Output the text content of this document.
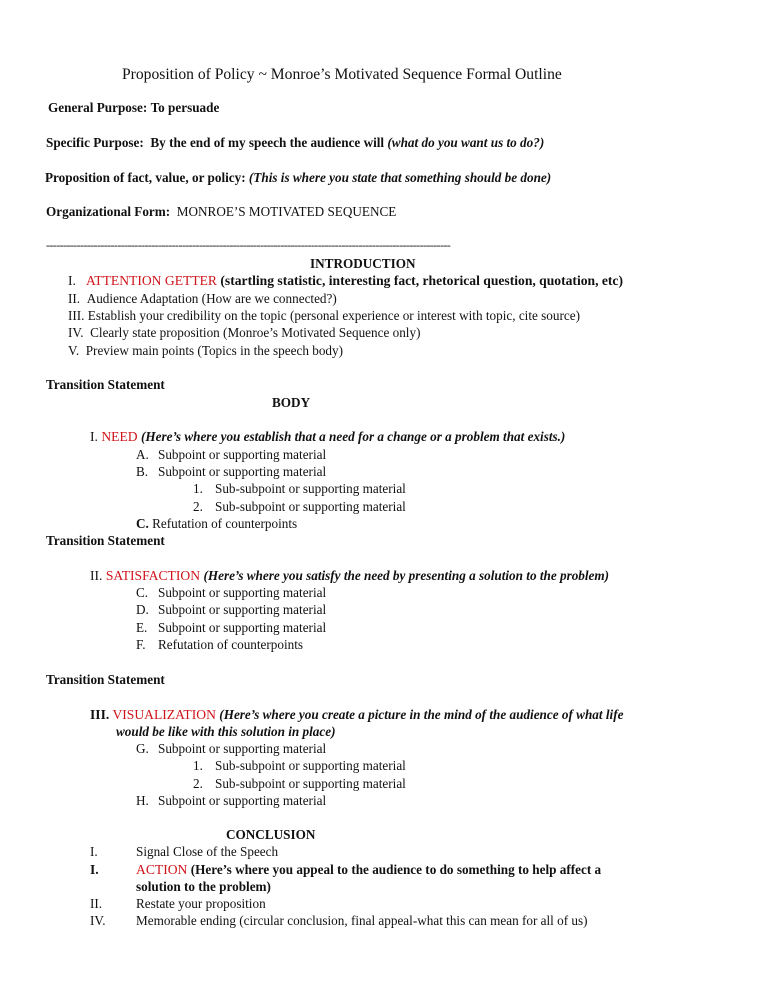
Proposition of Policy ~ Monroe’s Motivated Sequence Formal Outline
General Purpose: To persuade
Specific Purpose: By the end of my speech the audience will (what do you want us to do?)
Proposition of fact, value, or policy: (This is where you state that something should be done)
Organizational Form: MONROE’S MOTIVATED SEQUENCE
-----------------------------------------------------------------------------------------------------------------------
INTRODUCTION
I. ATTENTION GETTER (startling statistic, interesting fact, rhetorical question, quotation, etc)
II. Audience Adaptation (How are we connected?)
III. Establish your credibility on the topic (personal experience or interest with topic, cite source)
IV. Clearly state proposition (Monroe’s Motivated Sequence only)
V. Preview main points (Topics in the speech body)
Transition Statement
BODY
I. NEED (Here’s where you establish that a need for a change or a problem that exists.)
A. Subpoint or supporting material
B. Subpoint or supporting material
1. Sub-subpoint or supporting material
2. Sub-subpoint or supporting material
C. Refutation of counterpoints
Transition Statement
II. SATISFACTION (Here’s where you satisfy the need by presenting a solution to the problem)
C. Subpoint or supporting material
D. Subpoint or supporting material
E. Subpoint or supporting material
F. Refutation of counterpoints
Transition Statement
III. VISUALIZATION (Here’s where you create a picture in the mind of the audience of what life
would be like with this solution in place)
G. Subpoint or supporting material
1. Sub-subpoint or supporting material
2. Sub-subpoint or supporting material
H. Subpoint or supporting material
CONCLUSION
I.	Signal Close of the Speech
I.	ACTION (Here’s where you appeal to the audience to do something to help affect a
solution to the problem)
II.	Restate your proposition
IV. Memorable ending (circular conclusion, final appeal-what this can mean for all of us)
